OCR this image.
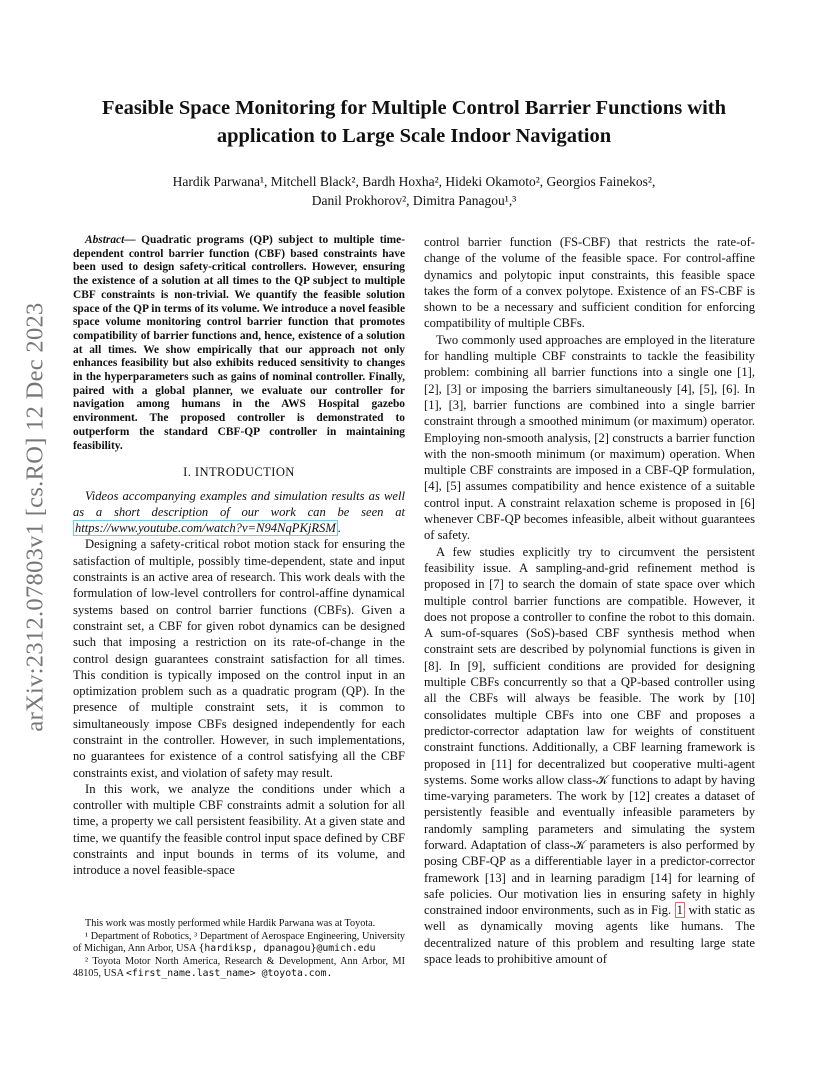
Feasible Space Monitoring for Multiple Control Barrier Functions with application to Large Scale Indoor Navigation
Hardik Parwana¹, Mitchell Black², Bardh Hoxha², Hideki Okamoto², Georgios Fainekos²,
Danil Prokhorov², Dimitra Panagou¹,³
arXiv:2312.07803v1 [cs.RO] 12 Dec 2023

Abstract— Quadratic programs (QP) subject to multiple time-dependent control barrier function (CBF) based constraints have been used to design safety-critical controllers. However, ensuring the existence of a solution at all times to the QP subject to multiple CBF constraints is non-trivial. We quantify the feasible solution space of the QP in terms of its volume. We introduce a novel feasible space volume monitoring control barrier function that promotes compatibility of barrier functions and, hence, existence of a solution at all times. We show empirically that our approach not only enhances feasibility but also exhibits reduced sensitivity to changes in the hyperparameters such as gains of nominal controller. Finally, paired with a global planner, we evaluate our controller for navigation among humans in the AWS Hospital gazebo environment. The proposed controller is demonstrated to outperform the standard CBF-QP controller in maintaining feasibility.

I. INTRODUCTION

Videos accompanying examples and simulation results as well as a short description of our work can be seen at https://www.youtube.com/watch?v=N94NqPKjRSM .

Designing a safety-critical robot motion stack for ensuring the satisfaction of multiple, possibly time-dependent, state and input constraints is an active area of research. This work deals with the formulation of low-level controllers for control-affine dynamical systems based on control barrier functions (CBFs). Given a constraint set, a CBF for given robot dynamics can be designed such that imposing a restriction on its rate-of-change in the control design guarantees constraint satisfaction for all times. This condition is typically imposed on the control input in an optimization problem such as a quadratic program (QP). In the presence of multiple constraint sets, it is common to simultaneously impose CBFs designed independently for each constraint in the controller. However, in such implementations, no guarantees for existence of a control satisfying all the CBF constraints exist, and violation of safety may result.

In this work, we analyze the conditions under which a controller with multiple CBF constraints admit a solution for all time, a property we call persistent feasibility. At a given state and time, we quantify the feasible control input space defined by CBF constraints and input bounds in terms of its volume, and introduce a novel feasible-space

control barrier function (FS-CBF) that restricts the rate-of-change of the volume of the feasible space. For control-affine dynamics and polytopic input constraints, this feasible space takes the form of a convex polytope. Existence of an FS-CBF is shown to be a necessary and sufficient condition for enforcing compatibility of multiple CBFs.

Two commonly used approaches are employed in the literature for handling multiple CBF constraints to tackle the feasibility problem: combining all barrier functions into a single one [1], [2], [3] or imposing the barriers simultaneously [4], [5], [6]. In [1], [3], barrier functions are combined into a single barrier constraint through a smoothed minimum (or maximum) operator. Employing non-smooth analysis, [2] constructs a barrier function with the non-smooth minimum (or maximum) operation. When multiple CBF constraints are imposed in a CBF-QP formulation, [4], [5] assumes compatibility and hence existence of a suitable control input. A constraint relaxation scheme is proposed in [6] whenever CBF-QP becomes infeasible, albeit without guarantees of safety.

A few studies explicitly try to circumvent the persistent feasibility issue. A sampling-and-grid refinement method is proposed in [7] to search the domain of state space over which multiple control barrier functions are compatible. However, it does not propose a controller to confine the robot to this domain. A sum-of-squares (SoS)-based CBF synthesis method when constraint sets are described by polynomial functions is given in [8]. In [9], sufficient conditions are provided for designing multiple CBFs concurrently so that a QP-based controller using all the CBFs will always be feasible. The work by [10] consolidates multiple CBFs into one CBF and proposes a predictor-corrector adaptation law for weights of constituent constraint functions. Additionally, a CBF learning framework is proposed in [11] for decentralized but cooperative multi-agent systems. Some works allow class-𝒦 functions to adapt by having time-varying parameters. The work by [12] creates a dataset of persistently feasible and eventually infeasible parameters by randomly sampling parameters and simulating the system forward. Adaptation of class-𝒦 parameters is also performed by posing CBF-QP as a differentiable layer in a predictor-corrector framework [13] and in learning paradigm [14] for learning of safe policies. Our motivation lies in ensuring safety in highly constrained indoor environments, such as in Fig. 1 with static as well as dynamically moving agents like humans. The decentralized nature of this problem and resulting large state space leads to prohibitive amount of

This work was mostly performed while Hardik Parwana was at Toyota.

¹ Department of Robotics, ³ Department of Aerospace Engineering, University of Michigan, Ann Arbor, USA {hardiksp, dpanagou}@umich.edu

² Toyota Motor North America, Research & Development, Ann Arbor, MI 48105, USA <first_name.last_name> @toyota.com.
